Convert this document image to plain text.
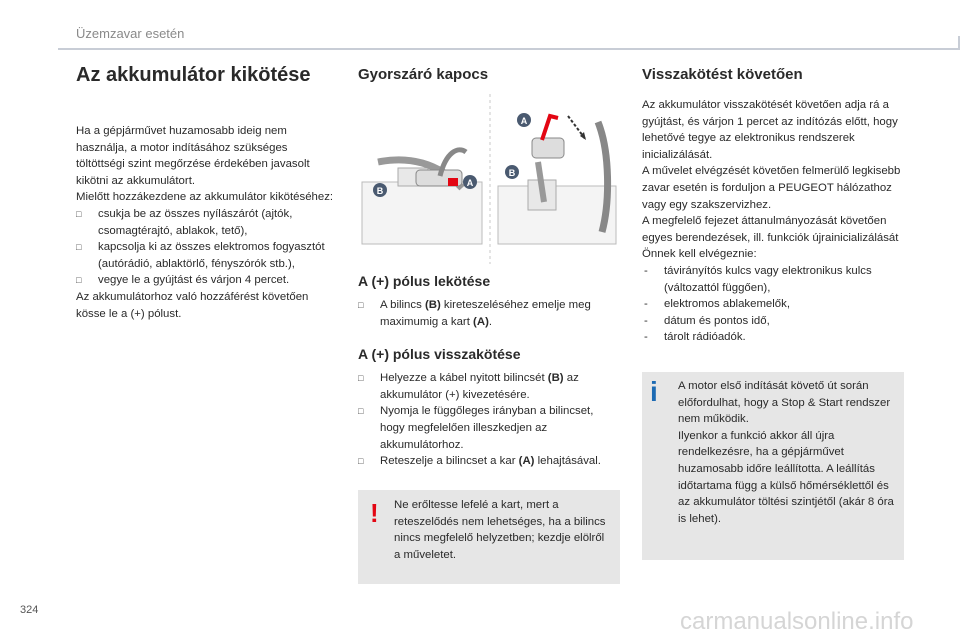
Üzemzavar esetén
Az akkumulátor kikötése

Ha a gépjárművet huzamosabb ideig nem használja, a motor indításához szükséges töltöttségi szint megőrzése érdekében javasolt kikötni az akkumulátort.

Mielőtt hozzákezdene az akkumulátor kikötéséhez:

□ csukja be az összes nyílászárót (ajtók, csomagtérajtó, ablakok, tető),
□ kapcsolja ki az összes elektromos fogyasztót (autórádió, ablaktörlő, fényszórók stb.),
□ vegye le a gyújtást és várjon 4 percet.

Az akkumulátorhoz való hozzáférést követően kösse le a (+) pólust.

Gyorszáró kapocs
A (+) pólus lekötése
□ A bilincs (B) kireteszeléséhez emelje meg maximumig a kart (A).
A (+) pólus visszakötése
□ Helyezze a kábel nyitott bilincsét (B) az akkumulátor (+) kivezetésére.
□ Nyomja le függőleges irányban a bilincset, hogy megfelelően illeszkedjen az akkumulátorhoz.
□ Reteszelje a bilincset a kar (A) lehajtásával.
A
B
A
B
! Ne erőltesse lefelé a kart, mert a reteszelődés nem lehetséges, ha a bilincs nincs megfelelő helyzetben; kezdje elölről a műveletet.

Visszakötést követően

Az akkumulátor visszakötését követően adja rá a gyújtást, és várjon 1 percet az indítózás előtt, hogy lehetővé tegye az elektronikus rendszerek inicializálását.

A művelet elvégzését követően felmerülő legkisebb zavar esetén is forduljon a PEUGEOT hálózathoz vagy egy szakszervizhez.

A megfelelő fejezet áttanulmányozását követően egyes berendezések, ill. funkciók újrainicializálását Önnek kell elvégeznie:

- távirányítós kulcs vagy elektronikus kulcs (változattól függően),
- elektromos ablakemelők,
- dátum és pontos idő,
- tárolt rádióadók.
i A motor első indítását követő út során előfordulhat, hogy a Stop & Start rendszer nem működik.

Ilyenkor a funkció akkor áll újra rendelkezésre, ha a gépjárművet huzamosabb időre leállította. A leállítás időtartama függ a külső hőmérséklettől és az akkumulátor töltési szintjétől (akár 8 óra is lehet).

324	carmanualsonline.info
